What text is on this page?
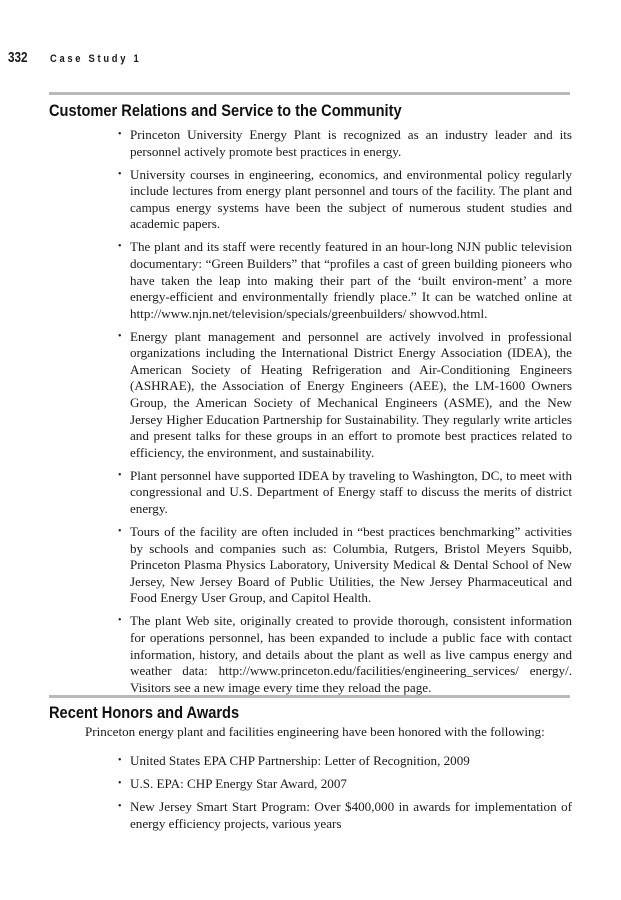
332	Case Study 1
Customer Relations and Service to the Community
• Princeton University Energy Plant is recognized as an industry leader and its personnel actively promote best practices in energy.
• University courses in engineering, economics, and environmental policy regularly include lectures from energy plant personnel and tours of the facility. The plant and campus energy systems have been the subject of numerous student studies and academic papers.
• The plant and its staff were recently featured in an hour-long NJN public television documentary: “Green Builders” that “profiles a cast of green building pioneers who have taken the leap into making their part of the ‘built environ-ment’ a more energy-efficient and environmentally friendly place.” It can be watched online at http://www.njn.net/television/specials/greenbuilders/ showvod.html.
• Energy plant management and personnel are actively involved in professional organizations including the International District Energy Association (IDEA), the American Society of Heating Refrigeration and Air-Conditioning Engineers (ASHRAE), the Association of Energy Engineers (AEE), the LM-1600 Owners Group, the American Society of Mechanical Engineers (ASME), and the New Jersey Higher Education Partnership for Sustainability. They regularly write articles and present talks for these groups in an effort to promote best practices related to efficiency, the environment, and sustainability.
• Plant personnel have supported IDEA by traveling to Washington, DC, to meet with congressional and U.S. Department of Energy staff to discuss the merits of district energy.
• Tours of the facility are often included in “best practices benchmarking” activities by schools and companies such as: Columbia, Rutgers, Bristol Meyers Squibb, Princeton Plasma Physics Laboratory, University Medical & Dental School of New Jersey, New Jersey Board of Public Utilities, the New Jersey Pharmaceutical and Food Energy User Group, and Capitol Health.
• The plant Web site, originally created to provide thorough, consistent information for operations personnel, has been expanded to include a public face with contact information, history, and details about the plant as well as live campus energy and weather data: http://www.princeton.edu/facilities/engineering_services/ energy/. Visitors see a new image every time they reload the page.
Recent Honors and Awards

Princeton energy plant and facilities engineering have been honored with the following:

• United States EPA CHP Partnership: Letter of Recognition, 2009
• U.S. EPA: CHP Energy Star Award, 2007
• New Jersey Smart Start Program: Over $400,000 in awards for implementation of energy efficiency projects, various years
